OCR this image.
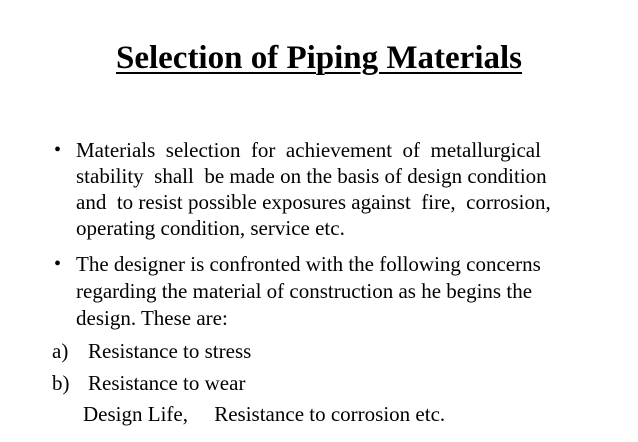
Selection of Piping Materials
• Materials  selection  for  achievement  of  metallurgical
stability  shall  be made on the basis of design condition
and  to resist possible exposures against  fire,  corrosion,
operating condition, service etc.
• The designer is confronted with the following concerns
regarding the material of construction as he begins the
design. These are:
a) Resistance to stress
b) Resistance to wear
Design Life,     Resistance to corrosion etc.
